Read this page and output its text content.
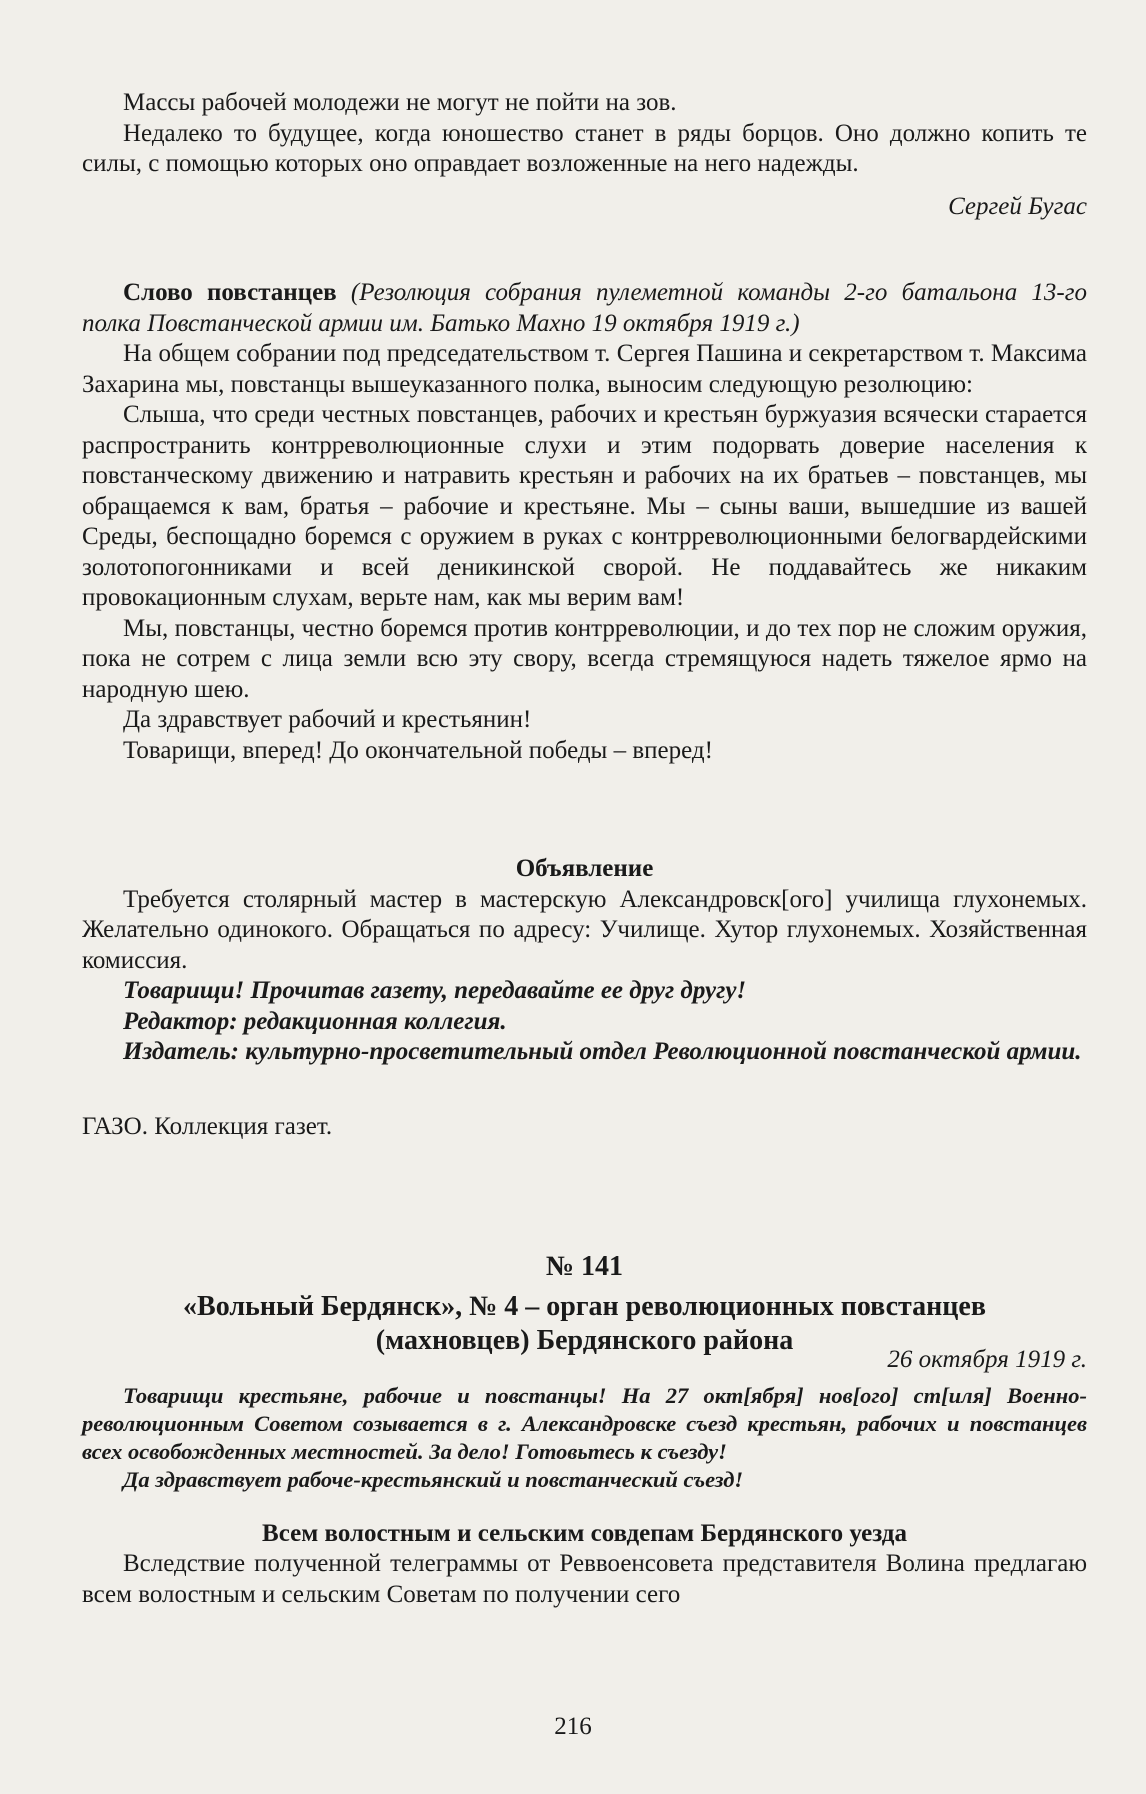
Массы рабочей молодежи не могут не пойти на зов.

Недалеко то будущее, когда юношество станет в ряды борцов. Оно должно копить те силы, с помощью которых оно оправдает возложенные на него надежды.

Сергей Бугас

Слово повстанцев (Резолюция собрания пулеметной команды 2-го батальона 13-го полка Повстанческой армии им. Батько Махно 19 октября 1919 г.)

На общем собрании под председательством т. Сергея Пашина и секретарством т. Максима Захарина мы, повстанцы вышеуказанного полка, выносим следующую резолюцию:

Слыша, что среди честных повстанцев, рабочих и крестьян буржуазия всячески старается распространить контрреволюционные слухи и этим подорвать доверие населения к повстанческому движению и натравить крестьян и рабочих на их братьев – повстанцев, мы обращаемся к вам, братья – рабочие и крестьяне. Мы – сыны ваши, вышедшие из вашей Среды, беспощадно боремся с оружием в руках с контрреволюционными белогвардейскими золотопогонниками и всей деникинской сворой. Не поддавайтесь же никаким провокационным слухам, верьте нам, как мы верим вам!

Мы, повстанцы, честно боремся против контрреволюции, и до тех пор не сложим оружия, пока не сотрем с лица земли всю эту свору, всегда стремящуюся надеть тяжелое ярмо на народную шею.

Да здравствует рабочий и крестьянин!

Товарищи, вперед! До окончательной победы – вперед!

Объявление

Требуется столярный мастер в мастерскую Александровск[ого] училища глухонемых. Желательно одинокого. Обращаться по адресу: Училище. Хутор глухонемых. Хозяйственная комиссия.

Товарищи! Прочитав газету, передавайте ее друг другу!

Редактор: редакционная коллегия.

Издатель: культурно-просветительный отдел Революционной повстанческой армии.

ГАЗО. Коллекция газет.

№ 141

«Вольный Бердянск», № 4 – орган революционных повстанцев (махновцев) Бердянского района

26 октября 1919 г.

Товарищи крестьяне, рабочие и повстанцы! На 27 окт[ября] нов[ого] ст[иля] Военно-революционным Советом созывается в г. Александровске съезд крестьян, рабочих и повстанцев всех освобожденных местностей. За дело! Готовьтесь к съезду!

Да здравствует рабоче-крестьянский и повстанческий съезд!

Всем волостным и сельским совдепам Бердянского уезда

Вследствие полученной телеграммы от Реввоенсовета представителя Волина предлагаю всем волостным и сельским Советам по получении сего

216
